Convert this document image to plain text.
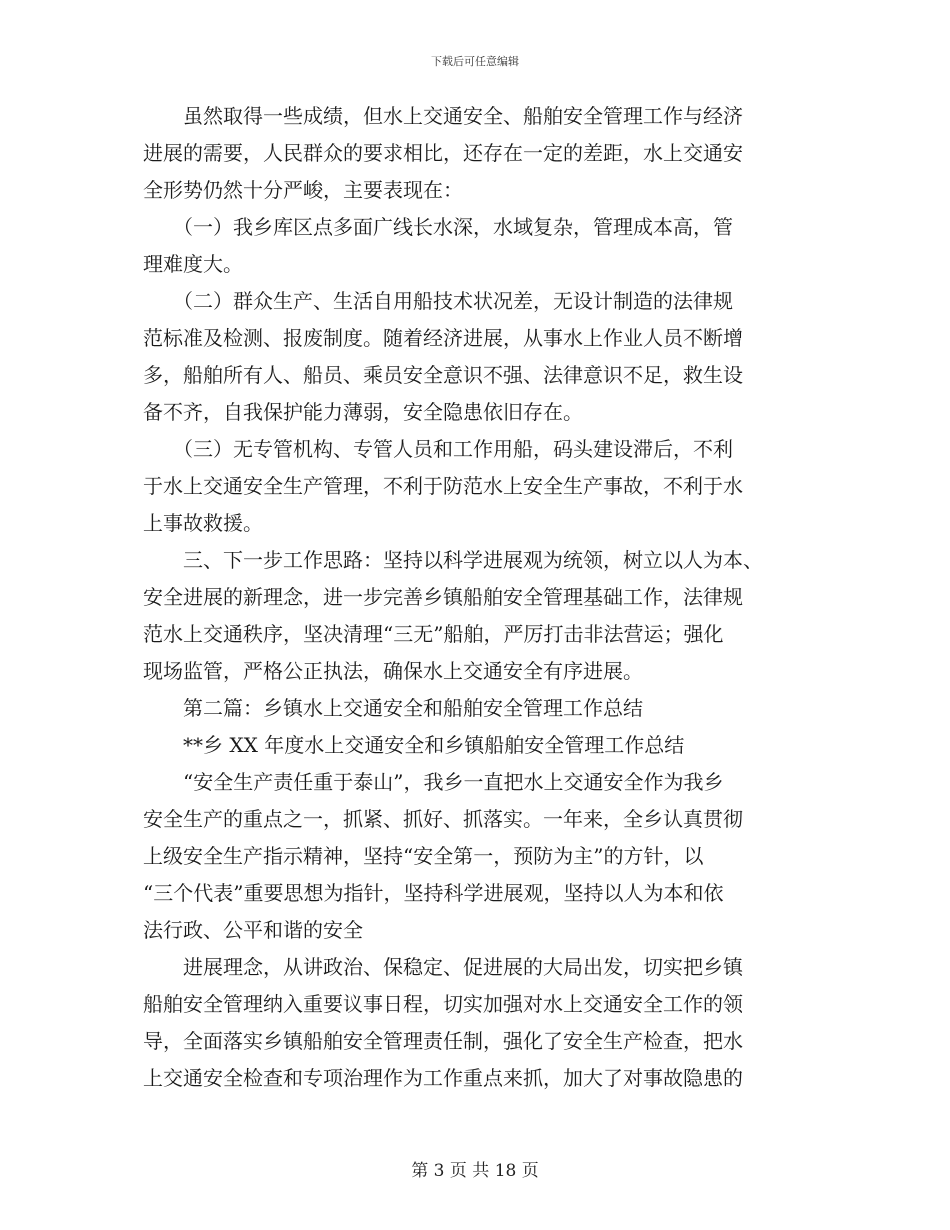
下载后可任意编辑
　　虽然取得一些成绩，但水上交通安全、船舶安全管理工作与经济
进展的需要，人民群众的要求相比，还存在一定的差距，水上交通安
全形势仍然十分严峻，主要表现在：
　　（一）我乡库区点多面广线长水深，水域复杂，管理成本高，管
理难度大。
　　（二）群众生产、生活自用船技术状况差，无设计制造的法律规
范标准及检测、报废制度。随着经济进展，从事水上作业人员不断增
多，船舶所有人、船员、乘员安全意识不强、法律意识不足，救生设
备不齐，自我保护能力薄弱，安全隐患依旧存在。
　　（三）无专管机构、专管人员和工作用船，码头建设滞后，不利
于水上交通安全生产管理，不利于防范水上安全生产事故，不利于水
上事故救援。
　　三、下一步工作思路：坚持以科学进展观为统领，树立以人为本、
安全进展的新理念，进一步完善乡镇船舶安全管理基础工作，法律规
范水上交通秩序，坚决清理“三无”船舶，严厉打击非法营运；强化
现场监管，严格公正执法，确保水上交通安全有序进展。
　　第二篇：乡镇水上交通安全和船舶安全管理工作总结
　　**乡 XX 年度水上交通安全和乡镇船舶安全管理工作总结
　　“安全生产责任重于泰山”，我乡一直把水上交通安全作为我乡
安全生产的重点之一，抓紧、抓好、抓落实。一年来，全乡认真贯彻
上级安全生产指示精神，坚持“安全第一，预防为主”的方针，以
“三个代表”重要思想为指针，坚持科学进展观，坚持以人为本和依
法行政、公平和谐的安全
　　进展理念，从讲政治、保稳定、促进展的大局出发，切实把乡镇
船舶安全管理纳入重要议事日程，切实加强对水上交通安全工作的领
导，全面落实乡镇船舶安全管理责任制，强化了安全生产检查，把水
上交通安全检查和专项治理作为工作重点来抓，加大了对事故隐患的
第 3 页 共 18 页
